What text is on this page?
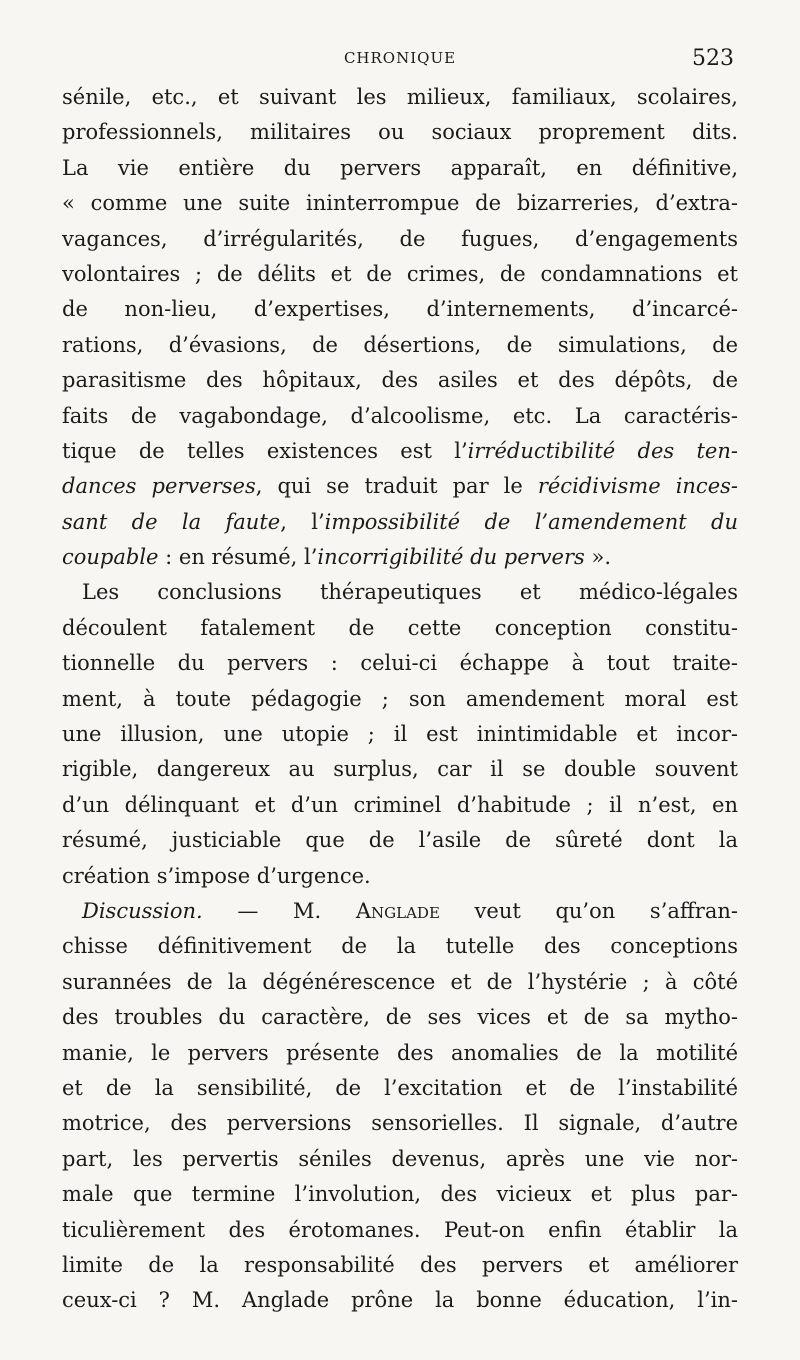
CHRONIQUE	523
sénile, etc., et suivant les milieux, familiaux, scolaires,
professionnels, militaires ou sociaux proprement dits.
La vie entière du pervers apparaît, en définitive,
« comme une suite ininterrompue de bizarreries, d’extra-
vagances, d’irrégularités, de fugues, d’engagements
volontaires ; de délits et de crimes, de condamnations et
de non-lieu, d’expertises, d’internements, d’incarcé-
rations, d’évasions, de désertions, de simulations, de
parasitisme des hôpitaux, des asiles et des dépôts, de
faits de vagabondage, d’alcoolisme, etc. La caractéris-
tique de telles existences est l’irréductibilité des ten-
dances perverses, qui se traduit par le récidivisme inces-
sant de la faute, l’impossibilité de l’amendement du
coupable : en résumé, l’incorrigibilité du pervers ».
Les conclusions thérapeutiques et médico-légales
découlent fatalement de cette conception constitu-
tionnelle du pervers : celui-ci échappe à tout traite-
ment, à toute pédagogie ; son amendement moral est
une illusion, une utopie ; il est inintimidable et incor-
rigible, dangereux au surplus, car il se double souvent
d’un délinquant et d’un criminel d’habitude ; il n’est, en
résumé, justiciable que de l’asile de sûreté dont la
création s’impose d’urgence.
Discussion. — M. Anglade veut qu’on s’affran-
chisse définitivement de la tutelle des conceptions
surannées de la dégénérescence et de l’hystérie ; à côté
des troubles du caractère, de ses vices et de sa mytho-
manie, le pervers présente des anomalies de la motilité
et de la sensibilité, de l’excitation et de l’instabilité
motrice, des perversions sensorielles. Il signale, d’autre
part, les pervertis séniles devenus, après une vie nor-
male que termine l’involution, des vicieux et plus par-
ticulièrement des érotomanes. Peut-on enfin établir la
limite de la responsabilité des pervers et améliorer
ceux-ci ? M. Anglade prône la bonne éducation, l’in-
